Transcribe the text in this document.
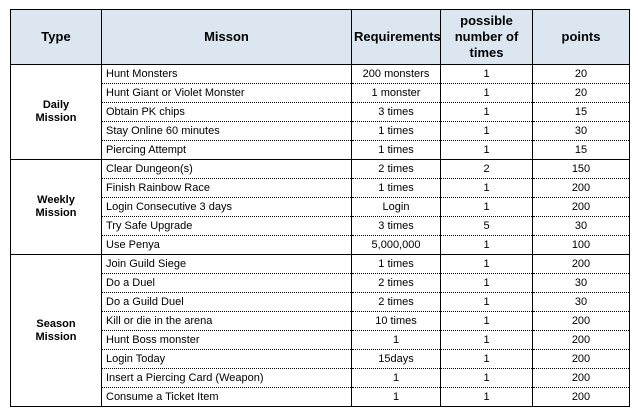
Type	Misson	Requirements	possible
number of
times	points

Daily
Mission	Hunt Monsters	200 monsters	1	20
	Hunt Giant or Violet Monster	1 monster	1	20
	Obtain PK chips	3 times	1	15
	Stay Online 60 minutes	1 times	1	30
	Piercing Attempt	1 times	1	15

Weekly
Mission	Clear Dungeon(s)	2 times	2	150
	Finish Rainbow Race	1 times	1	200
	Login Consecutive 3 days	Login	1	200
	Try Safe Upgrade	3 times	5	30
	Use Penya	5,000,000	1	100

Season
Mission	Join Guild Siege	1 times	1	200
	Do a Duel	2 times	1	30
	Do a Guild Duel	2 times	1	30
	Kill or die in the arena	10 times	1	200
	Hunt Boss monster	1	1	200
	Login Today	15days	1	200
	Insert a Piercing Card (Weapon)	1	1	200
	Consume a Ticket Item	1	1	200
